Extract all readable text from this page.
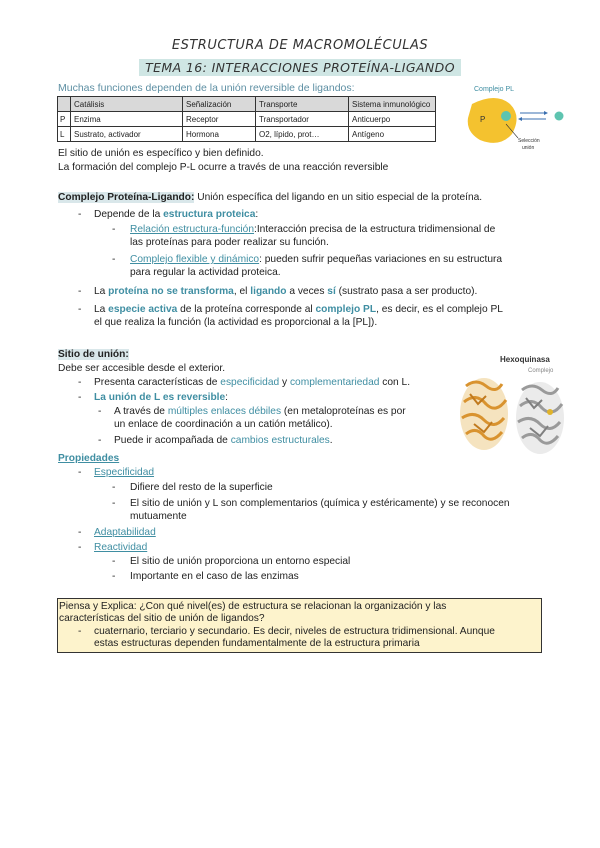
ESTRUCTURA DE MACROMOLÉCULAS
TEMA 16: INTERACCIONES PROTEÍNA-LIGANDO
Muchas funciones dependen de la unión reversible de ligandos:
	Catálisis	Señalización	Transporte	Sistema inmunológico
P	Enzima	Receptor	Transportador	Anticuerpo
L	Sustrato, activador	Hormona	O2, lípido, prot…	Antígeno
Complejo PL
P
Selección
unión
El sitio de unión es específico y bien definido.
La formación del complejo P-L ocurre a través de una reacción reversible
Complejo Proteína-Ligando: Unión específica del ligando en un sitio especial de la proteína.
- Depende de la estructura proteica:
- Relación estructura-función:Interacción precisa de la estructura tridimensional de
las proteínas para poder realizar su función.
- Complejo flexible y dinámico: pueden sufrir pequeñas variaciones en su estructura
para regular la actividad proteica.
- La proteína no se transforma, el ligando a veces sí (sustrato pasa a ser producto).
- La especie activa de la proteína corresponde al complejo PL, es decir, es el complejo PL
el que realiza la función (la actividad es proporcional a la [PL]).
Sitio de unión:
Debe ser accesible desde el exterior.
- Presenta características de especificidad y complementariedad con L.
- La unión de L es reversible:
- A través de múltiples enlaces débiles (en metaloproteínas es por
un enlace de coordinación a un catión metálico).
- Puede ir acompañada de cambios estructurales.
Hexoquinasa
Complejo
Propiedades
- Especificidad
- Difiere del resto de la superficie
- El sitio de unión y L son complementarios (química y estéricamente) y se reconocen
mutuamente
- Adaptabilidad
- Reactividad
- El sitio de unión proporciona un entorno especial
- Importante en el caso de las enzimas
Piensa y Explica: ¿Con qué nivel(es) de estructura se relacionan la organización y las
características del sitio de unión de ligandos?
- cuaternario, terciario y secundario. Es decir, niveles de estructura tridimensional. Aunque
estas estructuras dependen fundamentalmente de la estructura primaria
